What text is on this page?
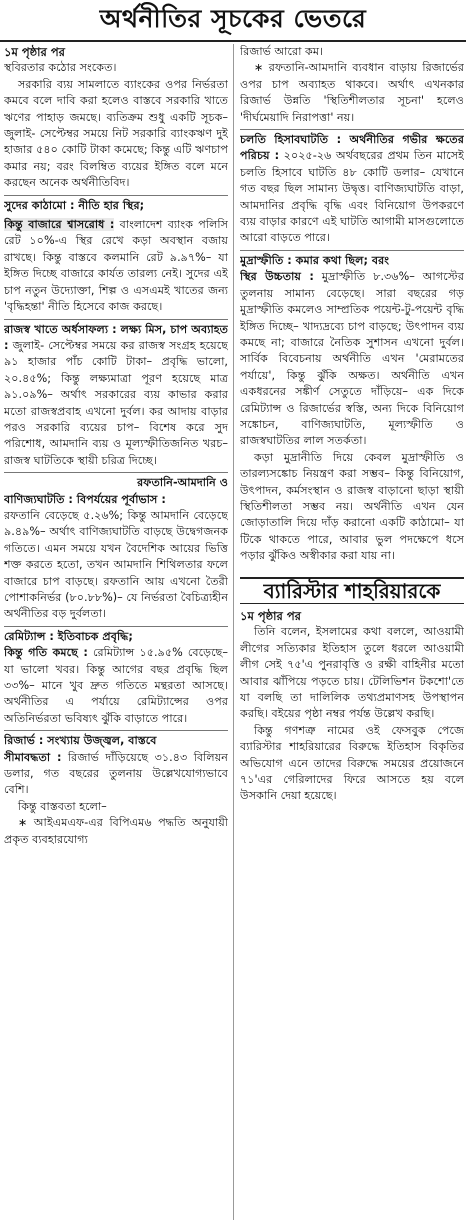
অর্থনীতির সূচকের ভেতরে
১ম পৃষ্ঠার পর

স্থবিরতার কঠোর সংকেত।

সরকারি ব্যয় সামলাতে ব্যাংকের ওপর নির্ভরতা কমবে বলে দাবি করা হলেও বাস্তবে সরকারি খাতে ঋণের পাহাড় জমছে। ব্যতিক্রম শুধু একটি সূচক– জুলাই- সেপ্টেম্বর সময়ে নিট সরকারি ব্যাংকঋণ দুই হাজার ৫৪০ কোটি টাকা কমেছে; কিন্তু এটি ঋণচাপ কমার নয়; বরং বিলম্বিত ব্যয়ের ইঙ্গিত বলে মনে করছেন অনেক অর্থনীতিবিদ।

সুদের কাঠামো : নীতি হার স্থির;

কিন্তু বাজারে শ্বাসরোধ : বাংলাদেশ ব্যাংক পলিসি রেট ১০%-এ স্থির রেখে কড়া অবস্থান বজায় রাখছে। কিন্তু বাস্তবে কলমানি রেট ৯.৯৭%– যা ইঙ্গিত দিচ্ছে বাজারে কার্যত তারল্য নেই। সুদের এই চাপ নতুন উদ্যোক্তা, শিল্প ও এসএমই খাতের জন্য 'বৃদ্ধিহন্তা' নীতি হিসেবে কাজ করছে।

রাজস্ব খাতে অর্ধসাফল্য : লক্ষ্য মিস, চাপ অব্যাহত : জুলাই- সেপ্টেম্বর সময়ে কর রাজস্ব সংগ্রহ হয়েছে ৯১ হাজার পাঁচ কোটি টাকা– প্রবৃদ্ধি ভালো, ২০.৪৫%; কিন্তু লক্ষ্যমাত্রা পূরণ হয়েছে মাত্র ৯১.০৯%– অর্থাৎ সরকারের ব্যয় কাভার করার মতো রাজস্বপ্রবাহ এখনো দুর্বল। কর আদায় বাড়ার পরও সরকারি ব্যয়ের চাপ– বিশেষ করে সুদ পরিশোধ, আমদানি ব্যয় ও মূল্যস্ফীতিজনিত খরচ– রাজস্ব ঘাটতিকে স্থায়ী চরিত্র দিচ্ছে।

রফতানি-আমদানি ও
বাণিজ্যঘাটতি : বিপর্যয়ের পূর্বাভাস :

রফতানি বেড়েছে ৫.২৬%; কিন্তু আমদানি বেড়েছে ৯.৪৯%– অর্থাৎ বাণিজ্যঘাটতি বাড়ছে উদ্বেগজনক গতিতে। এমন সময়ে যখন বৈদেশিক আয়ের ভিত্তি শক্ত করতে হতো, তখন আমদানি শিথিলতার ফলে বাজারে চাপ বাড়ছে। রফতানি আয় এখনো তৈরী পোশাকনির্ভর (৮০.৮৮%)– যে নির্ভরতা বৈচিত্র্যহীন অর্থনীতির বড় দুর্বলতা।

রেমিট্যান্স : ইতিবাচক প্রবৃদ্ধি;

কিন্তু গতি কমছে : রেমিট্যান্স ১৫.৯৫% বেড়েছে– যা ভালো খবর। কিন্তু আগের বছর প্রবৃদ্ধি ছিল ৩৩%– মানে খুব দ্রুত গতিতে মন্থরতা আসছে। অর্থনীতির এ পর্যায়ে রেমিট্যান্সের ওপর অতিনির্ভরতা ভবিষ্যৎ ঝুঁকি বাড়াতে পারে।

রিজার্ভ : সংখ্যায় উজ্জ্বল, বাস্তবে

সীমাবদ্ধতা : রিজার্ভ দাঁড়িয়েছে ৩১.৪৩ বিলিয়ন ডলার, গত বছরের তুলনায় উল্লেখযোগ্যভাবে বেশি।

কিন্তু বাস্তবতা হলো–

∗ আইএমএফ-এর বিপিএম৬ পদ্ধতি অনুযায়ী প্রকৃত ব্যবহারযোগ্য

রিজার্ভ আরো কম।

∗ রফতানি-আমদানি ব্যবধান বাড়ায় রিজার্ভের ওপর চাপ অব্যাহত থাকবে। অর্থাৎ এখনকার রিজার্ভ উন্নতি 'স্থিতিশীলতার সূচনা' হলেও 'দীর্ঘমেয়াদি নিরাপত্তা' নয়।

চলতি হিসাবঘাটতি : অর্থনীতির গভীর ক্ষতের পরিচয় : ২০২৫-২৬ অর্থবছরের প্রথম তিন মাসেই চলতি হিসাবে ঘাটতি ৪৮ কোটি ডলার– যেখানে গত বছর ছিল সামান্য উদ্বৃত্ত। বাণিজ্যঘাটতি বাড়া, আমদানির প্রবৃদ্ধি বৃদ্ধি এবং বিনিয়োগ উপকরণে ব্যয় বাড়ার কারণে এই ঘাটতি আগামী মাসগুলোতে আরো বাড়তে পারে।

মুদ্রাস্ফীতি : কমার কথা ছিল; বরং

স্থির উচ্চতায় : মুদ্রাস্ফীতি ৮.৩৬%– আগস্টের তুলনায় সামান্য বেড়েছে। সারা বছরের গড় মুদ্রাস্ফীতি কমলেও সাম্প্রতিক পয়েন্ট-টু-পয়েন্ট বৃদ্ধি ইঙ্গিত দিচ্ছে– খাদ্যদ্রব্যে চাপ বাড়ছে; উৎপাদন ব্যয় কমছে না; বাজারে নৈতিক সুশাসন এখনো দুর্বল। সার্বিক বিবেচনায় অর্থনীতি এখন 'মেরামতের পর্যায়ে', কিন্তু ঝুঁকি অক্ষত। অর্থনীতি এখন একধরনের সঙ্কীর্ণ সেতুতে দাঁড়িয়ে– এক দিকে রেমিট্যান্স ও রিজার্ভের স্বস্তি, অন্য দিকে বিনিয়োগ সঙ্কোচন, বাণিজ্যঘাটতি, মূল্যস্ফীতি ও রাজস্বঘাটতির লাল সতর্কতা।

কড়া মুদ্রানীতি দিয়ে কেবল মুদ্রাস্ফীতি ও তারল্যসঙ্কোচ নিয়ন্ত্রণ করা সম্ভব– কিন্তু বিনিয়োগ, উৎপাদন, কর্মসংস্থান ও রাজস্ব বাড়ানো ছাড়া স্থায়ী স্থিতিশীলতা সম্ভব নয়। অর্থনীতি এখন যেন জোড়াতালি দিয়ে দাঁড় করানো একটি কাঠামো– যা টিকে থাকতে পারে, আবার ভুল পদক্ষেপে ধসে পড়ার ঝুঁকিও অস্বীকার করা যায় না।

ব্যারিস্টার শাহরিয়ারকে
১ম পৃষ্ঠার পর

তিনি বলেন, ইসলামের কথা বললে, আওয়ামী লীগের সত্যিকার ইতিহাস তুলে ধরলে আওয়ামী লীগ সেই ৭৫'এ পুনরাবৃত্তি ও রক্ষী বাহিনীর মতো আবার ঝাঁপিয়ে পড়তে চায়। টেলিভিশন টকশো'তে যা বলছি তা দালিলিক তথ্যপ্রমাণসহ উপস্থাপন করছি। বইয়ের পৃষ্ঠা নম্বর পর্যন্ত উল্লেখ করছি।

কিন্তু গণশত্রু নামের ওই ফেসবুক পেজে ব্যারিস্টার শাহরিয়ারের বিরুদ্ধে ইতিহাস বিকৃতির অভিযোগ এনে তাদের বিরুদ্ধে সময়ের প্রয়োজনে ৭১'এর গেরিলাদের ফিরে আসতে হয় বলে উসকানি দেয়া হয়েছে।
